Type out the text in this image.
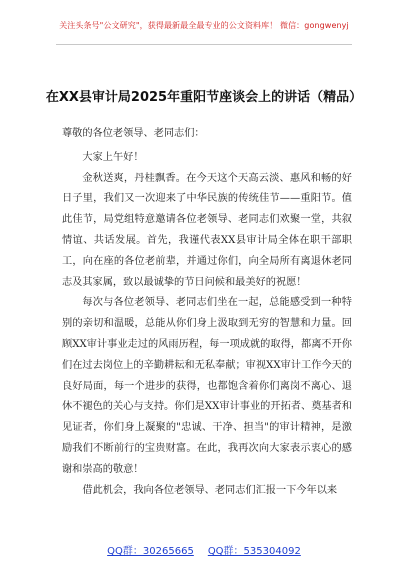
关注头条号"公文研究"，获得最新最全最专业的公文资料库！ 微信：gongwenyj
在XX县审计局2025年重阳节座谈会上的讲话（精品）

尊敬的各位老领导、老同志们：

大家上午好！

金秋送爽，丹桂飘香。在今天这个天高云淡、惠风和畅的好日子里，我们又一次迎来了中华民族的传统佳节——重阳节。值此佳节，局党组特意邀请各位老领导、老同志们欢聚一堂，共叙情谊、共话发展。首先，我谨代表XX县审计局全体在职干部职工，向在座的各位老前辈，并通过你们，向全局所有离退休老同志及其家属，致以最诚挚的节日问候和最美好的祝愿！

每次与各位老领导、老同志们坐在一起，总能感受到一种特别的亲切和温暖，总能从你们身上汲取到无穷的智慧和力量。回顾XX审计事业走过的风雨历程，每一项成就的取得，都离不开你们在过去岗位上的辛勤耕耘和无私奉献；审视XX审计工作今天的良好局面，每一个进步的获得，也都饱含着你们离岗不离心、退休不褪色的关心与支持。你们是XX审计事业的开拓者、奠基者和见证者，你们身上凝聚的"忠诚、干净、担当"的审计精神，是激励我们不断前行的宝贵财富。在此，我再次向大家表示衷心的感谢和崇高的敬意！

借此机会，我向各位老领导、老同志们汇报一下今年以来

QQ群：30265665 QQ群：535304092
